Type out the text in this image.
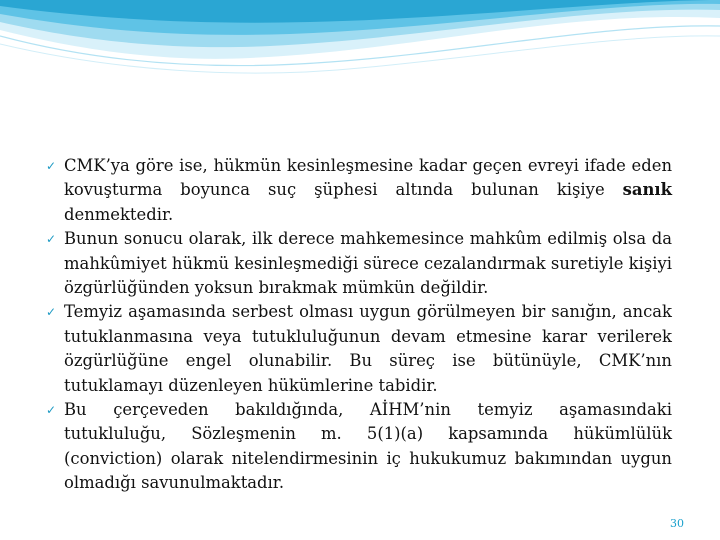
✓ CMK’ya göre ise, hükmün kesinleşmesine kadar geçen evreyi ifade eden kovuşturma boyunca suç şüphesi altında bulunan kişiye sanık denmektedir.

✓ Bunun sonucu olarak, ilk derece mahkemesince mahkûm edilmiş olsa da mahkûmiyet hükmü kesinleşmediği sürece cezalandırmak suretiyle kişiyi özgürlüğünden yoksun bırakmak mümkün değildir.

✓ Temyiz aşamasında serbest olması uygun görülmeyen bir sanığın, ancak tutuklanmasına veya tutukluluğunun devam etmesine karar verilerek özgürlüğüne engel olunabilir. Bu süreç ise bütünüyle, CMK’nın tutuklamayı düzenleyen hükümlerine tabidir.

✓ Bu çerçeveden bakıldığında, AİHM’nin temyiz aşamasındaki tutukluluğu, Sözleşmenin m. 5(1)(a) kapsamında hükümlülük (conviction) olarak nitelendirmesinin iç hukukumuz bakımından uygun olmadığı savunulmaktadır.

30
